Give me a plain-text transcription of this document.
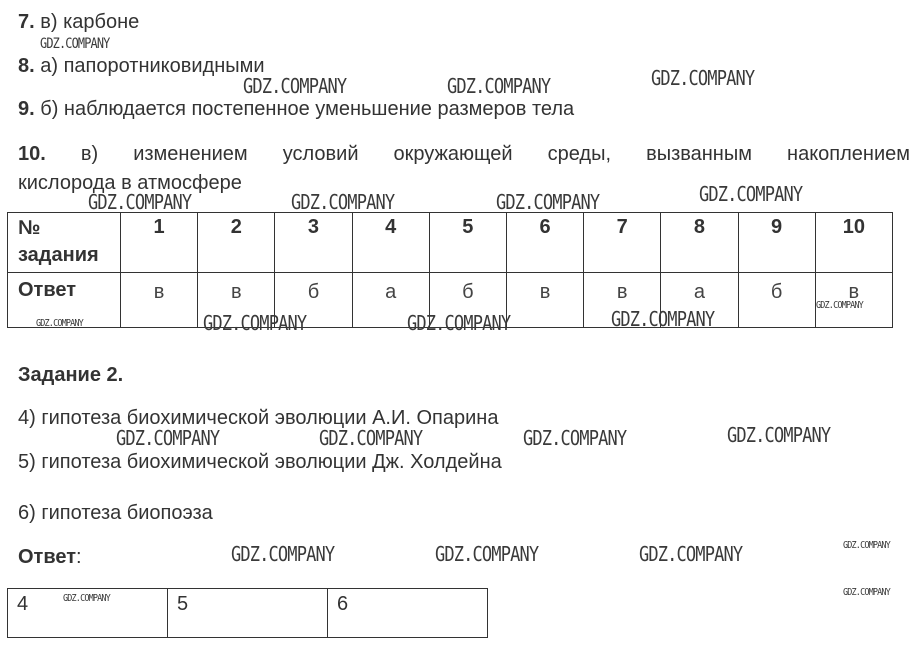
7. в) карбоне
8. а) папоротниковидными
9. б) наблюдается постепенное уменьшение размеров тела
10. в) изменением условий окружающей среды, вызванным накоплением
кислорода в атмосфере
№
задания	1	2	3	4	5	6	7	8	9	10
Ответ	в	в	б	а	б	в	в	а	б	в
Задание 2.
4) гипотеза биохимической эволюции А.И. Опарина
5) гипотеза биохимической эволюции Дж. Холдейна
6) гипотеза биопоэза
Ответ:
4	5	6
GDZ.COMPANY
GDZ.COMPANY	GDZ.COMPANY	GDZ.COMPANY
GDZ.COMPANY	GDZ.COMPANY	GDZ.COMPANY	GDZ.COMPANY
GDZ.COMPANY	GDZ.COMPANY	GDZ.COMPANY	GDZ.COMPANY
GDZ.COMPANY
GDZ.COMPANY	GDZ.COMPANY	GDZ.COMPANY	GDZ.COMPANY
GDZ.COMPANY	GDZ.COMPANY	GDZ.COMPANY	GDZ.COMPANY
GDZ.COMPANY
GDZ.COMPANY
